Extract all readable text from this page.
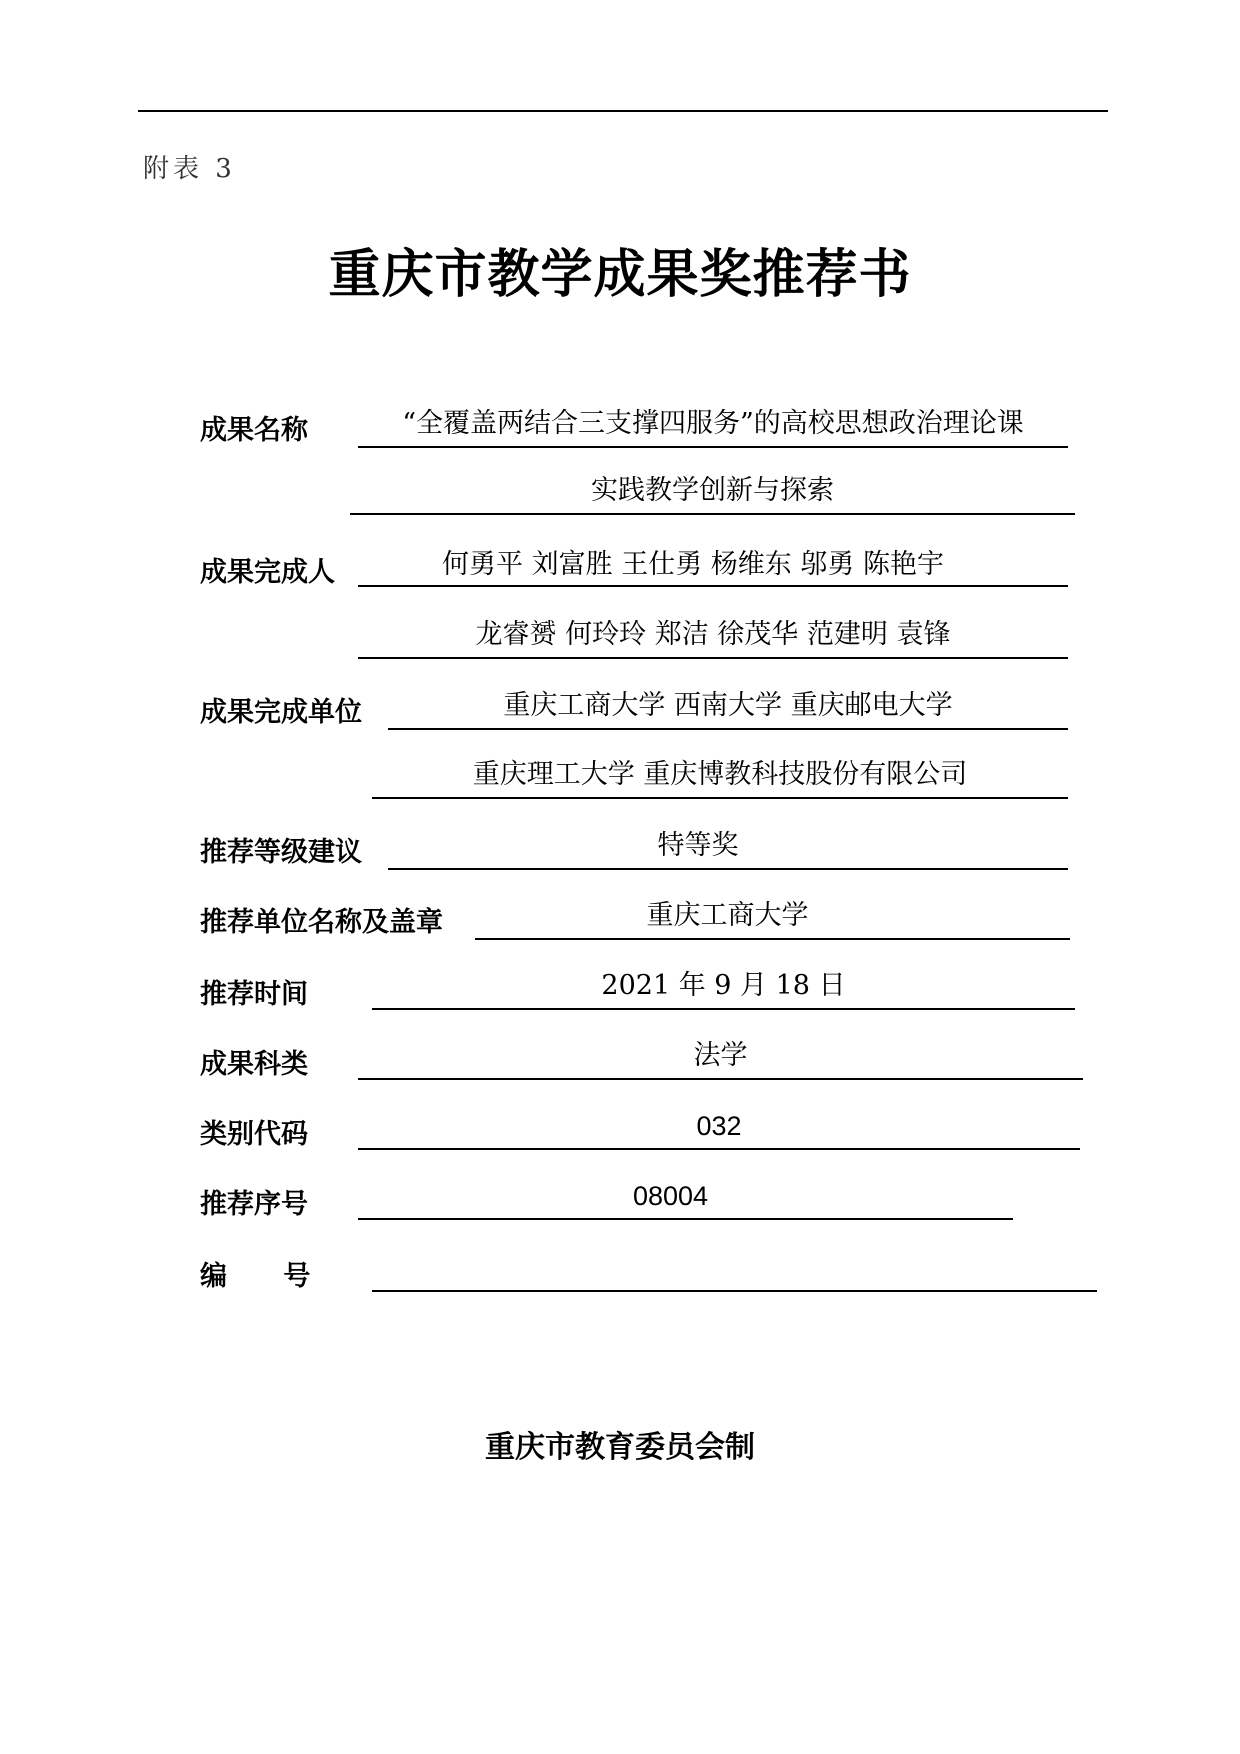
附表 3
重庆市教学成果奖推荐书
成果名称	“全覆盖两结合三支撑四服务”的高校思想政治理论课
实践教学创新与探索
成果完成人	何勇平 刘富胜 王仕勇 杨维东 邬勇 陈艳宇
龙睿赟 何玲玲 郑洁 徐茂华 范建明 袁锋
成果完成单位	重庆工商大学 西南大学 重庆邮电大学
重庆理工大学 重庆博教科技股份有限公司
推荐等级建议	特等奖
推荐单位名称及盖章	重庆工商大学
推荐时间	2021 年 9 月 18 日
成果科类	法学
类别代码	032
推荐序号	08004
编      号
重庆市教育委员会制
